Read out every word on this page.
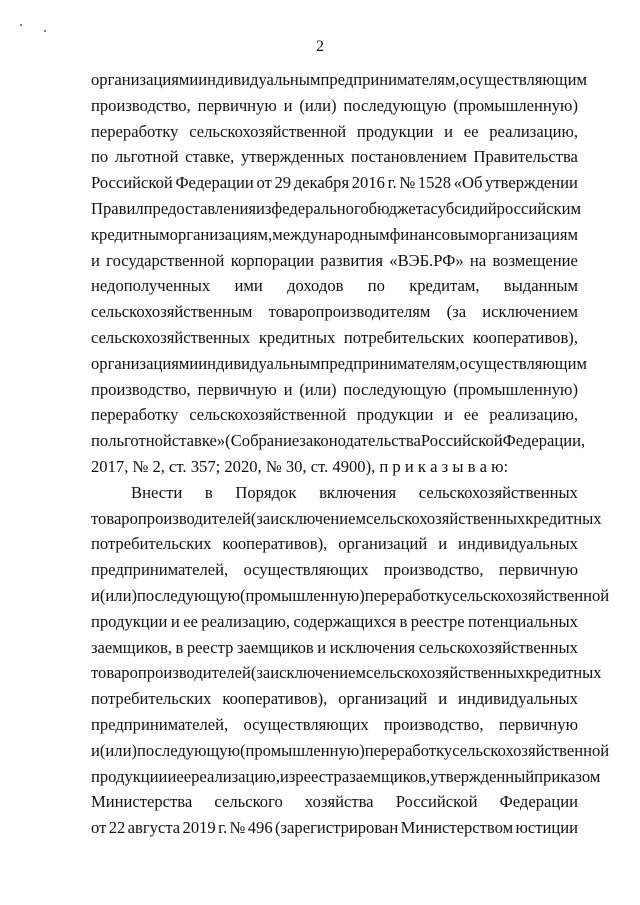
2
организациям и индивидуальным предпринимателям, осуществляющим
производство, первичную и (или) последующую (промышленную)
переработку сельскохозяйственной продукции и ее реализацию,
по льготной ставке, утвержденных постановлением Правительства
Российской Федерации от 29 декабря 2016 г. № 1528 «Об утверждении
Правил предоставления из федерального бюджета субсидий российским
кредитным организациям, международным финансовым организациям
и государственной корпорации развития «ВЭБ.РФ» на возмещение
недополученных ими доходов по кредитам, выданным
сельскохозяйственным товаропроизводителям (за исключением
сельскохозяйственных кредитных потребительских кооперативов),
организациям и индивидуальным предпринимателям, осуществляющим
производство, первичную и (или) последующую (промышленную)
переработку сельскохозяйственной продукции и ее реализацию,
по льготной ставке» (Собрание законодательства Российской Федерации,
2017, № 2, ст. 357; 2020, № 30, ст. 4900), п р и к а з ы в а ю:
Внести в Порядок включения сельскохозяйственных
товаропроизводителей (за исключением сельскохозяйственных кредитных
потребительских кооперативов), организаций и индивидуальных
предпринимателей, осуществляющих производство, первичную
и (или) последующую (промышленную) переработку сельскохозяйственной
продукции и ее реализацию, содержащихся в реестре потенциальных
заемщиков, в реестр заемщиков и исключения сельскохозяйственных
товаропроизводителей (за исключением сельскохозяйственных кредитных
потребительских кооперативов), организаций и индивидуальных
предпринимателей, осуществляющих производство, первичную
и (или) последующую (промышленную) переработку сельскохозяйственной
продукции и ее реализацию, из реестра заемщиков, утвержденный приказом
Министерства сельского хозяйства Российской Федерации
от 22 августа 2019 г. № 496 (зарегистрирован Министерством юстиции
